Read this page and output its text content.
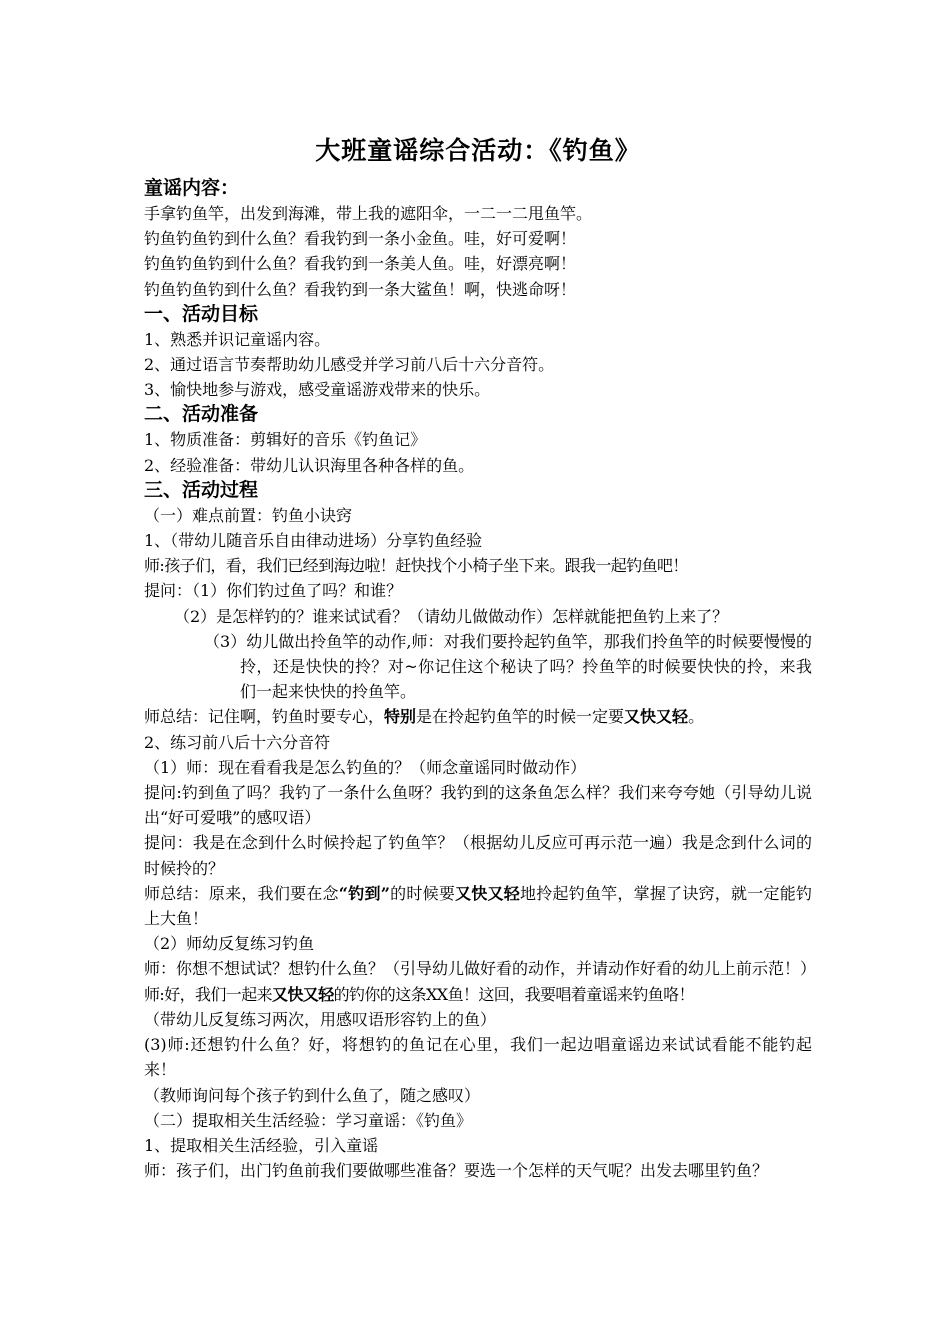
大班童谣综合活动：《钓鱼》
童谣内容：
手拿钓鱼竿，出发到海滩，带上我的遮阳伞，一二一二甩鱼竿。
钓鱼钓鱼钓到什么鱼？看我钓到一条小金鱼。哇，好可爱啊！
钓鱼钓鱼钓到什么鱼？看我钓到一条美人鱼。哇，好漂亮啊！
钓鱼钓鱼钓到什么鱼？看我钓到一条大鲨鱼！啊，快逃命呀！
一、活动目标
1、熟悉并识记童谣内容。
2、通过语言节奏帮助幼儿感受并学习前八后十六分音符。
3、愉快地参与游戏，感受童谣游戏带来的快乐。
二、活动准备
1、物质准备：剪辑好的音乐《钓鱼记》
2、经验准备：带幼儿认识海里各种各样的鱼。
三、活动过程
（一）难点前置：钓鱼小诀窍
1、（带幼儿随音乐自由律动进场）分享钓鱼经验
师:孩子们，看，我们已经到海边啦！赶快找个小椅子坐下来。跟我一起钓鱼吧！
提问：（1）你们钓过鱼了吗？和谁？
（2）是怎样钓的？谁来试试看？（请幼儿做做动作）怎样就能把鱼钓上来了？
（3）幼儿做出拎鱼竿的动作,师：对我们要拎起钓鱼竿，那我们拎鱼竿的时候要慢慢的拎，还是快快的拎？对~你记住这个秘诀了吗？拎鱼竿的时候要快快的拎，来我们一起来快快的拎鱼竿。
师总结：记住啊，钓鱼时要专心，特别是在拎起钓鱼竿的时候一定要又快又轻。
2、练习前八后十六分音符
（1）师：现在看看我是怎么钓鱼的？（师念童谣同时做动作）
提问:钓到鱼了吗？我钓了一条什么鱼呀？我钓到的这条鱼怎么样？我们来夸夸她（引导幼儿说出“好可爱哦”的感叹语）
提问：我是在念到什么时候拎起了钓鱼竿？（根据幼儿反应可再示范一遍）我是念到什么词的时候拎的？
师总结：原来，我们要在念“钓到”的时候要又快又轻地拎起钓鱼竿，掌握了诀窍，就一定能钓上大鱼！
（2）师幼反复练习钓鱼
师：你想不想试试？想钓什么鱼？（引导幼儿做好看的动作，并请动作好看的幼儿上前示范！）
师:好，我们一起来又快又轻的钓你的这条XX鱼！这回，我要唱着童谣来钓鱼咯！
（带幼儿反复练习两次，用感叹语形容钓上的鱼）
(3)师:还想钓什么鱼？好，将想钓的鱼记在心里，我们一起边唱童谣边来试试看能不能钓起来！
（教师询问每个孩子钓到什么鱼了，随之感叹）
（二）提取相关生活经验：学习童谣：《钓鱼》
1、提取相关生活经验，引入童谣
师：孩子们，出门钓鱼前我们要做哪些准备？要选一个怎样的天气呢？出发去哪里钓鱼？
